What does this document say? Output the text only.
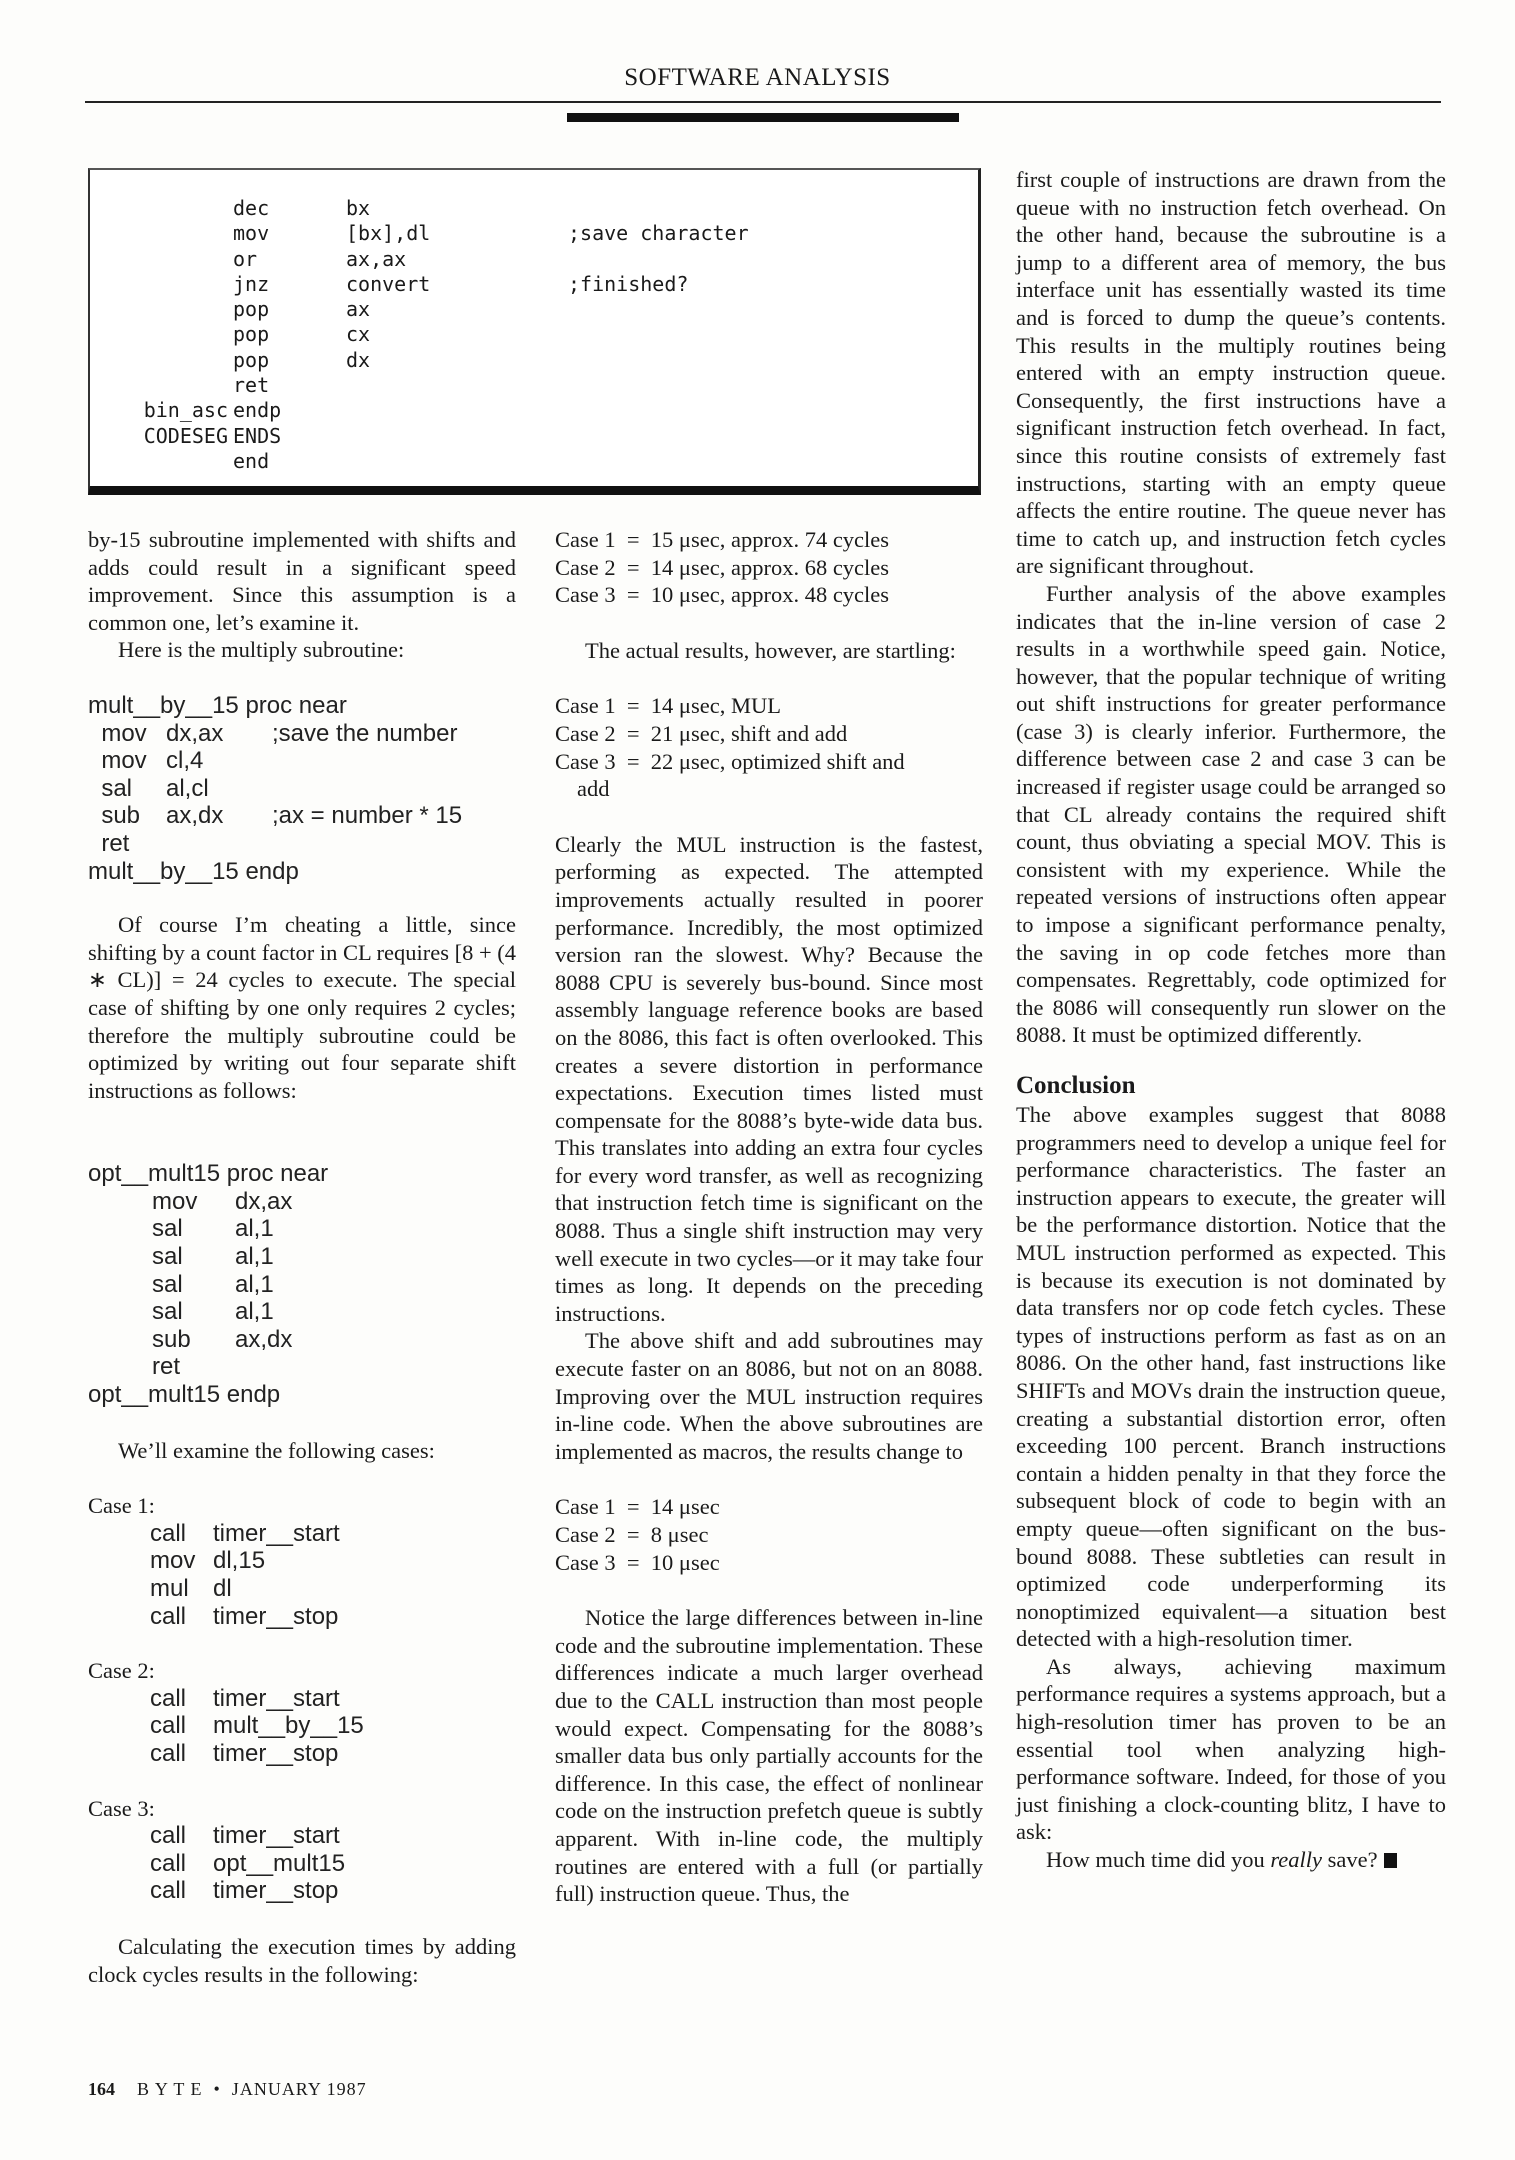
SOFTWARE ANALYSIS
dec	bx
mov	[bx],dl	;save character
or	ax,ax
jnz	convert	;finished?
pop	ax
pop	cx
pop	dx
ret
bin_asc endp
CODESEG ENDS
end

by-15 subroutine implemented with shifts and adds could result in a significant speed improvement. Since this assumption is a common one, let’s examine it.

Here is the multiply subroutine:

mult__by__15 proc near
mov dx,ax ;save the number
mov cl,4
sal al,cl
sub ax,dx ;ax = number * 15
ret
mult__by__15 endp

Of course I’m cheating a little, since shifting by a count factor in CL requires [8 + (4 ∗ CL)] = 24 cycles to execute. The special case of shifting by one only requires 2 cycles; therefore the multiply subroutine could be optimized by writing out four separate shift instructions as follows:

opt__mult15 proc near
mov dx,ax
sal al,1
sal al,1
sal al,1
sal al,1
sub ax,dx
ret
opt__mult15 endp

We’ll examine the following cases:

Case 1:
call timer__start
mov dl,15
mul dl
call timer__stop
Case 2:
call timer__start
call mult__by__15
call timer__stop
Case 3:
call timer__start
call opt__mult15
call timer__stop

Calculating the execution times by adding clock cycles results in the following:

Case 1  =  15 μsec, approx. 74 cycles
Case 2  =  14 μsec, approx. 68 cycles
Case 3  =  10 μsec, approx. 48 cycles

The actual results, however, are startling:

Case 1  =  14 μsec, MUL
Case 2  =  21 μsec, shift and add
Case 3  =  22 μsec, optimized shift and
add

Clearly the MUL instruction is the fastest, performing as expected. The attempted improvements actually resulted in poorer performance. Incredibly, the most optimized version ran the slowest. Why? Because the 8088 CPU is severely bus-bound. Since most assembly language reference books are based on the 8086, this fact is often overlooked. This creates a severe distortion in performance expectations. Execution times listed must compensate for the 8088’s byte-wide data bus. This translates into adding an extra four cycles for every word transfer, as well as recognizing that instruction fetch time is significant on the 8088. Thus a single shift instruction may very well execute in two cycles—or it may take four times as long. It depends on the preceding instructions.

The above shift and add subroutines may execute faster on an 8086, but not on an 8088. Improving over the MUL instruction requires in-line code. When the above subroutines are implemented as macros, the results change to

Case 1  =  14 μsec
Case 2  =  8 μsec
Case 3  =  10 μsec

Notice the large differences between in-line code and the subroutine implementation. These differences indicate a much larger overhead due to the CALL instruction than most people would expect. Compensating for the 8088’s smaller data bus only partially accounts for the difference. In this case, the effect of nonlinear code on the instruction prefetch queue is subtly apparent. With in-line code, the multiply routines are entered with a full (or partially full) instruction queue. Thus, the

first couple of instructions are drawn from the queue with no instruction fetch overhead. On the other hand, because the subroutine is a jump to a different area of memory, the bus interface unit has essentially wasted its time and is forced to dump the queue’s contents. This results in the multiply routines being entered with an empty instruction queue. Consequently, the first instructions have a significant instruction fetch overhead. In fact, since this routine consists of extremely fast instructions, starting with an empty queue affects the entire routine. The queue never has time to catch up, and instruction fetch cycles are significant throughout.

Further analysis of the above examples indicates that the in-line version of case 2 results in a worthwhile speed gain. Notice, however, that the popular technique of writing out shift instructions for greater performance (case 3) is clearly inferior. Furthermore, the difference between case 2 and case 3 can be increased if register usage could be arranged so that CL already contains the required shift count, thus obviating a special MOV. This is consistent with my experience. While the repeated versions of instructions often appear to impose a significant performance penalty, the saving in op code fetches more than compensates. Regrettably, code optimized for the 8086 will consequently run slower on the 8088. It must be optimized differently.

Conclusion

The above examples suggest that 8088 programmers need to develop a unique feel for performance characteristics. The faster an instruction appears to execute, the greater will be the performance distortion. Notice that the MUL instruction performed as expected. This is because its execution is not dominated by data transfers nor op code fetch cycles. These types of instructions perform as fast as on an 8086. On the other hand, fast instructions like SHIFTs and MOVs drain the instruction queue, creating a substantial distortion error, often exceeding 100 percent. Branch instructions contain a hidden penalty in that they force the subsequent block of code to begin with an empty queue—often significant on the bus-bound 8088. These subtleties can result in optimized code underperforming its nonoptimized equivalent—a situation best detected with a high-resolution timer.

As always, achieving maximum performance requires a systems approach, but a high-resolution timer has proven to be an essential tool when analyzing high-performance software. Indeed, for those of you just finishing a clock-counting blitz, I have to ask:

How much time did you really save?

164 B Y T E  •  JANUARY 1987
